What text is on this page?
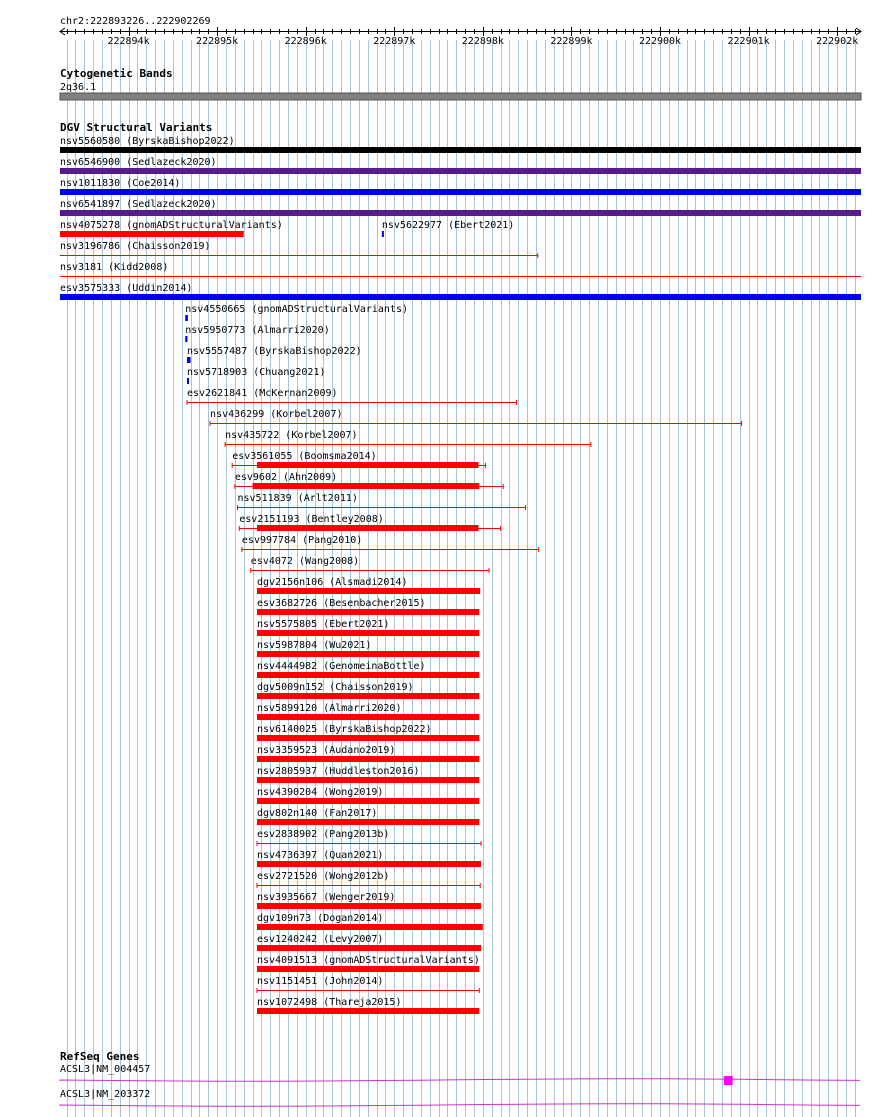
chr2:222893226..222902269
222894k	222895k	222896k	222897k	222898k	222899k	222900k	222901k	222902k
Cytogenetic Bands
2q36.1
DGV Structural Variants
nsv5560580 (ByrskaBishop2022)
nsv6546900 (Sedlazeck2020)
nsv1011830 (Coe2014)
nsv6541897 (Sedlazeck2020)
nsv4075278 (gnomADStructuralVariants)	nsv5622977 (Ebert2021)
nsv3196786 (Chaisson2019)
nsv3181 (Kidd2008)
esv3575333 (Uddin2014)
nsv4550665 (gnomADStructuralVariants)
nsv5950773 (Almarri2020)
nsv5557487 (ByrskaBishop2022)
nsv5718903 (Chuang2021)
esv2621841 (McKernan2009)
nsv436299 (Korbel2007)
nsv435722 (Korbel2007)
esv3561055 (Boomsma2014)
esv9602 (Ahn2009)
nsv511839 (Arlt2011)
esv2151193 (Bentley2008)
esv997784 (Pang2010)
esv4072 (Wang2008)
dgv2156n106 (Alsmadi2014)
esv3682726 (Besenbacher2015)
nsv5575805 (Ebert2021)
nsv5987804 (Wu2021)
nsv4444982 (GenomeinaBottle)
dgv5009n152 (Chaisson2019)
nsv5899120 (Almarri2020)
nsv6140025 (ByrskaBishop2022)
nsv3359523 (Audano2019)
nsv2805937 (Huddleston2016)
nsv4390204 (Wong2019)
dgv802n140 (Fan2017)
esv2838902 (Pang2013b)
nsv4736397 (Quan2021)
esv2721520 (Wong2012b)
nsv3935667 (Wenger2019)
dgv109n73 (Dogan2014)
esv1240242 (Levy2007)
nsv4091513 (gnomADStructuralVariants)
nsv1151451 (John2014)
nsv1072498 (Thareja2015)
RefSeq Genes
ACSL3|NM_004457
ACSL3|NM_203372
